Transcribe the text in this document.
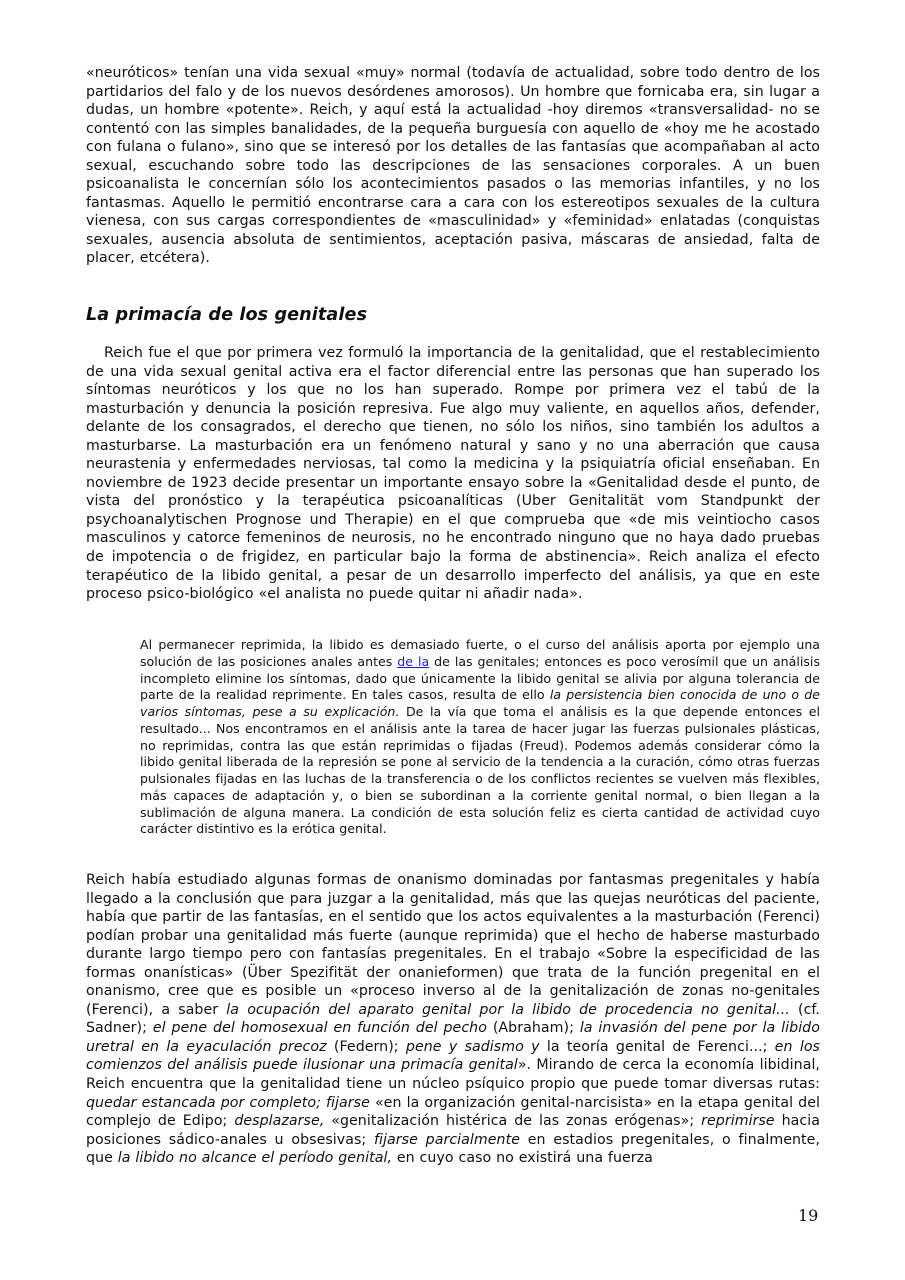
«neuróticos» tenían una vida sexual «muy» normal (todavía de actualidad, sobre todo dentro de los partidarios del falo y de los nuevos desórdenes amorosos). Un hombre que fornicaba era, sin lugar a dudas, un hombre «potente». Reich, y aquí está la actualidad -hoy diremos «transversalidad- no se contentó con las simples banalidades, de la pequeña burguesía con aquello de «hoy me he acostado con fulana o fulano», sino que se interesó por los detalles de las fantasías que acompañaban al acto sexual, escuchando sobre todo las descripciones de las sensaciones corporales. A un buen psicoanalista le concernían sólo los acontecimientos pasados o las memorias infantiles, y no los fantasmas. Aquello le permitió encontrarse cara a cara con los estereotipos sexuales de la cultura vienesa, con sus cargas correspondientes de «masculinidad» y «feminidad» enlatadas (conquistas sexuales, ausencia absoluta de sentimientos, aceptación pasiva, máscaras de ansiedad, falta de placer, etcétera).

La primacía de los genitales

Reich fue el que por primera vez formuló la importancia de la genitalidad, que el restablecimiento de una vida sexual genital activa era el factor diferencial entre las personas que han superado los síntomas neuróticos y los que no los han superado. Rompe por primera vez el tabú de la masturbación y denuncia la posición represiva. Fue algo muy valiente, en aquellos años, defender, delante de los consagrados, el derecho que tienen, no sólo los niños, sino también los adultos a masturbarse. La masturbación era un fenómeno natural y sano y no una aberración que causa neurastenia y enfermedades nerviosas, tal como la medicina y la psiquiatría oficial enseñaban. En noviembre de 1923 decide presentar un importante ensayo sobre la «Genitalidad desde el punto, de vista del pronóstico y la terapéutica psicoanalíticas (Uber Genitalität vom Standpunkt der psychoanalytischen Prognose und Therapie) en el que comprueba que «de mis veintiocho casos masculinos y catorce femeninos de neurosis, no he encontrado ninguno que no haya dado pruebas de impotencia o de frigidez, en particular bajo la forma de abstinencia». Reich analiza el efecto terapéutico de la libido genital, a pesar de un desarrollo imperfecto del análisis, ya que en este proceso psico-biológico «el analista no puede quitar ni añadir nada».

Al permanecer reprimida, la libido es demasiado fuerte, o el curso del análisis aporta por ejemplo una solución de las posiciones anales antes de la de las genitales; entonces es poco verosímil que un análisis incompleto elimine los síntomas, dado que únicamente la libido genital se alivia por alguna tolerancia de parte de la realidad reprimente. En tales casos, resulta de ello la persistencia bien conocida de uno o de varios síntomas, pese a su explicación. De la vía que toma el análisis es la que depende entonces el resultado... Nos encontramos en el análisis ante la tarea de hacer jugar las fuerzas pulsionales plásticas, no reprimidas, contra las que están reprimidas o fijadas (Freud). Podemos además considerar cómo la libido genital liberada de la represión se pone al servicio de la tendencia a la curación, cómo otras fuerzas pulsionales fijadas en las luchas de la transferencia o de los conflictos recientes se vuelven más flexibles, más capaces de adaptación y, o bien se subordinan a la corriente genital normal, o bien llegan a la sublimación de alguna manera. La condición de esta solución feliz es cierta cantidad de actividad cuyo carácter distintivo es la erótica genital.

Reich había estudiado algunas formas de onanismo dominadas por fantasmas pregenitales y había llegado a la conclusión que para juzgar a la genitalidad, más que las quejas neuróticas del paciente, había que partir de las fantasías, en el sentido que los actos equivalentes a la masturbación (Ferenci) podían probar una genitalidad más fuerte (aunque reprimida) que el hecho de haberse masturbado durante largo tiempo pero con fantasías pregenitales. En el trabajo «Sobre la especificidad de las formas onanísticas» (Über Spezifität der onanieformen) que trata de la función pregenital en el onanismo, cree que es posible un «proceso inverso al de la genitalización de zonas no-genitales (Ferenci), a saber la ocupación del aparato genital por la libido de procedencia no genital... (cf. Sadner); el pene del homosexual en función del pecho (Abraham); la invasión del pene por la libido uretral en la eyaculación precoz (Federn); pene y sadismo y la teoría genital de Ferenci...; en los comienzos del análisis puede ilusionar una primacía genital». Mirando de cerca la economía libidinal, Reich encuentra que la genitalidad tiene un núcleo psíquico propio que puede tomar diversas rutas: quedar estancada por completo; fijarse «en la organización genital-narcisista» en la etapa genital del complejo de Edipo; desplazarse, «genitalización histérica de las zonas erógenas»; reprimirse hacia posiciones sádico-anales u obsesivas; fijarse parcialmente en estadios pregenitales, o finalmente, que la libido no alcance el período genital, en cuyo caso no existirá una fuerza

19
